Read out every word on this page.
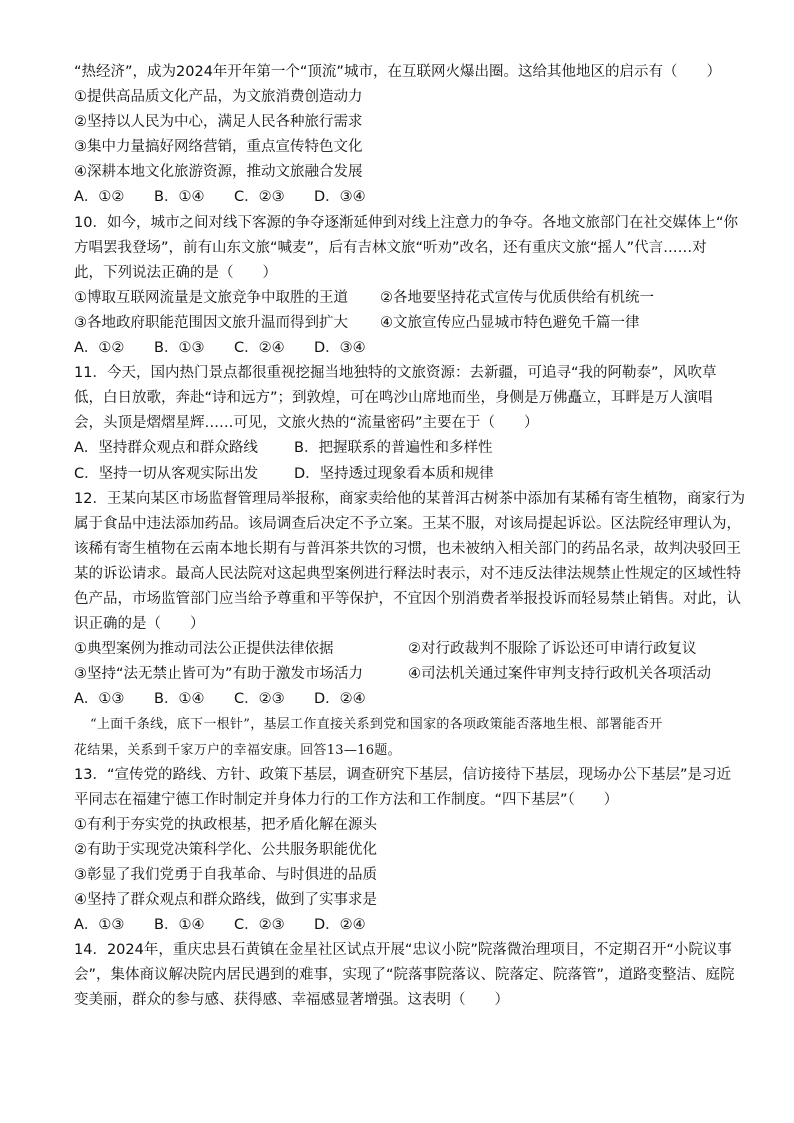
“热经济”，成为2024年开年第一个“顶流”城市，在互联网火爆出圈。这给其他地区的启示有（　　）
①提供高品质文化产品，为文旅消费创造动力
②坚持以人民为中心，满足人民各种旅行需求
③集中力量搞好网络营销，重点宣传特色文化
④深耕本地文化旅游资源，推动文旅融合发展
A．①②	B．①④	C．②③	D．③④
10．如今，城市之间对线下客源的争夺逐渐延伸到对线上注意力的争夺。各地文旅部门在社交媒体上“你
方唱罢我登场”，前有山东文旅“喊麦”，后有吉林文旅“听劝”改名，还有重庆文旅“摇人”代言……对
此，下列说法正确的是（　　）
①博取互联网流量是文旅竞争中取胜的王道	②各地要坚持花式宣传与优质供给有机统一
③各地政府职能范围因文旅升温而得到扩大	④文旅宣传应凸显城市特色避免千篇一律
A．①②	B．①③	C．②④	D．③④
11．今天，国内热门景点都很重视挖掘当地独特的文旅资源：去新疆，可追寻“我的阿勒泰”，风吹草
低，白日放歌，奔赴“诗和远方”；到敦煌，可在鸣沙山席地而坐，身侧是万佛矗立，耳畔是万人演唱
会，头顶是熠熠星辉……可见，文旅火热的“流量密码”主要在于（　　）
A．坚持群众观点和群众路线	B．把握联系的普遍性和多样性
C．坚持一切从客观实际出发	D．坚持透过现象看本质和规律
12．王某向某区市场监督管理局举报称，商家卖给他的某普洱古树茶中添加有某稀有寄生植物，商家行为
属于食品中违法添加药品。该局调查后决定不予立案。王某不服，对该局提起诉讼。区法院经审理认为，
该稀有寄生植物在云南本地长期有与普洱茶共饮的习惯，也未被纳入相关部门的药品名录，故判决驳回王
某的诉讼请求。最高人民法院对这起典型案例进行释法时表示，对不违反法律法规禁止性规定的区域性特
色产品，市场监管部门应当给予尊重和平等保护，不宜因个别消费者举报投诉而轻易禁止销售。对此，认
识正确的是（　　）
①典型案例为推动司法公正提供法律依据	②对行政裁判不服除了诉讼还可申请行政复议
③坚持“法无禁止皆可为”有助于激发市场活力	④司法机关通过案件审判支持行政机关各项活动
A．①③	B．①④	C．②③	D．②④
“上面千条线，底下一根针”，基层工作直接关系到党和国家的各项政策能否落地生根、部署能否开
花结果，关系到千家万户的幸福安康。回答13—16题。
13．“宣传党的路线、方针、政策下基层，调查研究下基层，信访接待下基层，现场办公下基层”是习近
平同志在福建宁德工作时制定并身体力行的工作方法和工作制度。“四下基层”（　　）
①有利于夯实党的执政根基，把矛盾化解在源头
②有助于实现党决策科学化、公共服务职能优化
③彰显了我们党勇于自我革命、与时俱进的品质
④坚持了群众观点和群众路线，做到了实事求是
A．①③	B．①④	C．②③	D．②④
14．2024年，重庆忠县石黄镇在金星社区试点开展“忠议小院”院落微治理项目，不定期召开“小院议事
会”，集体商议解决院内居民遇到的难事，实现了“院落事院落议、院落定、院落管”，道路变整洁、庭院
变美丽，群众的参与感、获得感、幸福感显著增强。这表明（　　）
